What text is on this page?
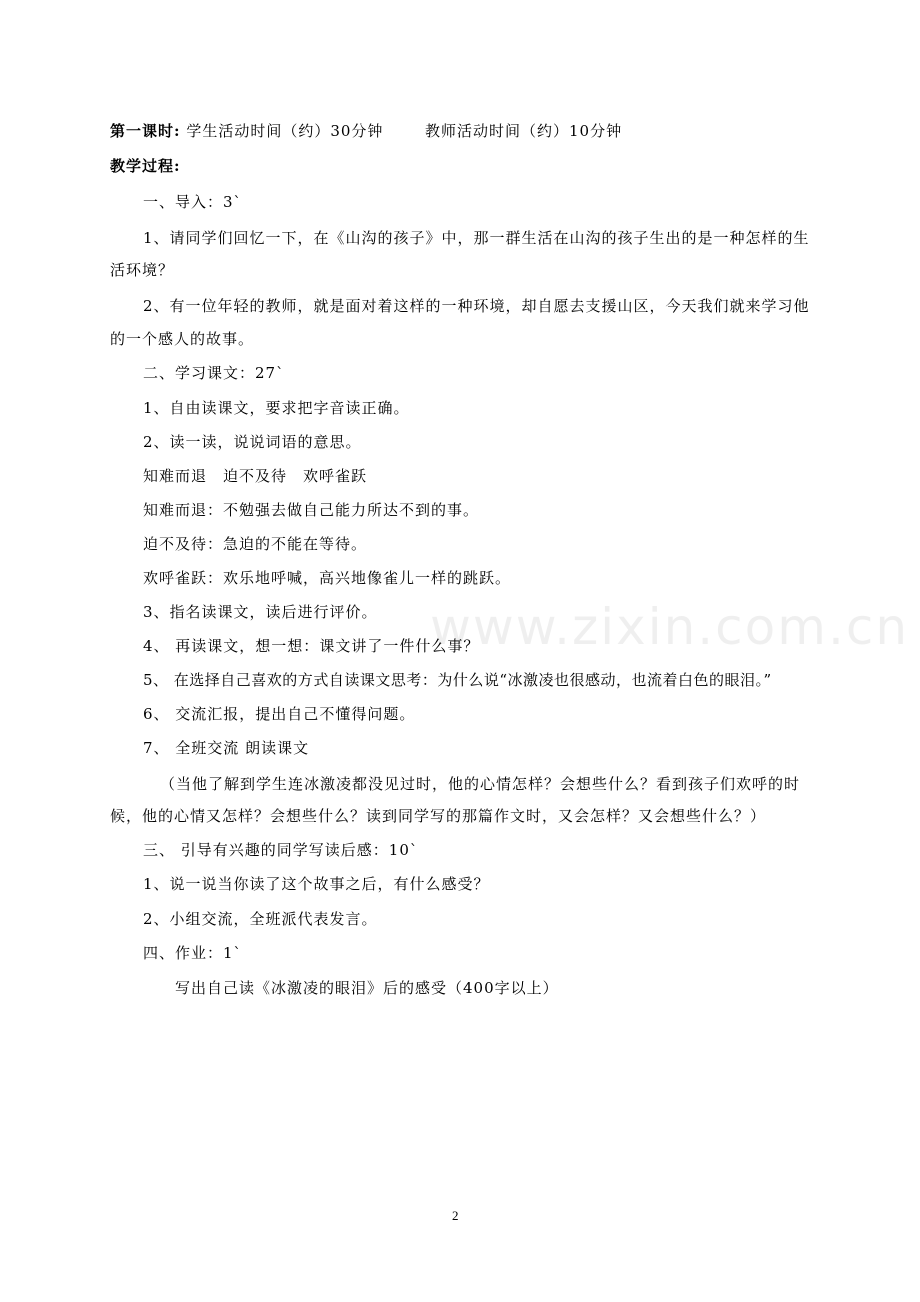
第一课时: 学生活动时间（约）30分钟	教师活动时间（约）10分钟
教学过程:
一、导入：3`
1、请同学们回忆一下，在《山沟的孩子》中，那一群生活在山沟的孩子生出的是一种怎样的生
活环境？
2、有一位年轻的教师，就是面对着这样的一种环境，却自愿去支援山区，今天我们就来学习他
的一个感人的故事。
二、学习课文：27`
1、自由读课文，要求把字音读正确。
2、读一读，说说词语的意思。
知难而退　迫不及待　欢呼雀跃
知难而退：不勉强去做自己能力所达不到的事。
迫不及待：急迫的不能在等待。
欢呼雀跃：欢乐地呼喊，高兴地像雀儿一样的跳跃。
3、指名读课文，读后进行评价。
4、 再读课文，想一想：课文讲了一件什么事？
5、 在选择自己喜欢的方式自读课文思考：为什么说“冰激凌也很感动，也流着白色的眼泪。”
6、 交流汇报，提出自己不懂得问题。
7、 全班交流 朗读课文
（当他了解到学生连冰激凌都没见过时，他的心情怎样？会想些什么？看到孩子们欢呼的时
候，他的心情又怎样？会想些什么？读到同学写的那篇作文时，又会怎样？又会想些什么？）
三、 引导有兴趣的同学写读后感：10`
1、说一说当你读了这个故事之后，有什么感受？
2、小组交流，全班派代表发言。
四、作业：1`
写出自己读《冰激凌的眼泪》后的感受（400字以上）
www.zixin.com.cn
2
